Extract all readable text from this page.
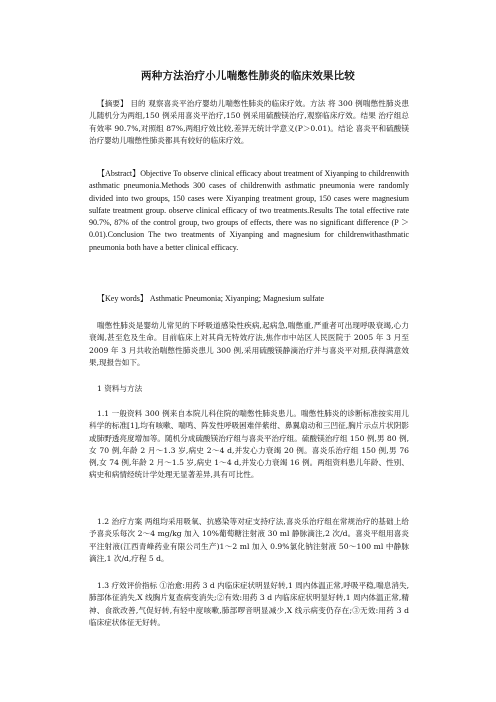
两种方法治疗小儿喘憋性肺炎的临床效果比较
【摘要】 目的 观察喜炎平治疗婴幼儿喘憋性肺炎的临床疗效。方法 将 300 例喘憋性肺炎患儿随机分为两组,150 例采用喜炎平治疗,150 例采用硫酸镁治疗,观察临床疗效。结果 治疗组总有效率 90.7%,对照组 87%,两组疗效比较,差异无统计学意义(P＞0.01)。结论 喜炎平和硫酸镁治疗婴幼儿喘憋性肺炎都具有较好的临床疗效。
【Abstract】Objective To observe clinical efficacy about treatment of Xiyanping to childrenwith asthmatic pneumonia.Methods 300 cases of childrenwith asthmatic pneumonia were randomly divided into two groups, 150 cases were Xiyanping treatment group, 150 cases were magnesium sulfate treatment group. observe clinical efficacy of two treatments.Results The total effective rate 90.7%, 87% of the control group, two groups of effects, there was no significant difference (P ＞ 0.01).Conclusion The two treatments of Xiyanping and magnesium for childrenwithasthmatic pneumonia both have a better clinical efficacy.
【Key words】 Asthmatic Pneumonia; Xiyanping; Magnesium sulfate
喘憋性肺炎是婴幼儿常见的下呼吸道感染性疾病,起病急,喘憋重,严重者可出现呼吸衰竭,心力衰竭,甚至危及生命。目前临床上对其尚无特效疗法,焦作市中站区人民医院于 2005 年 3 月至 2009 年 3 月共收治喘憋性肺炎患儿 300 例,采用硫酸镁静滴治疗并与喜炎平对照,获得满意效果,现报告如下。
1 资料与方法
1.1 一般资料 300 例来自本院儿科住院的喘憋性肺炎患儿。喘憋性肺炎的诊断标准按实用儿科学的标准[1],均有咳嗽、喘鸣、阵发性呼吸困难伴紫绀、鼻翼扇动和三凹征,胸片示点片状阴影或肺野透亮度增加等。随机分成硫酸镁治疗组与喜炎平治疗组。硫酸镁治疗组 150 例,男 80 例,女 70 例,年龄 2 月～1.3 岁,病史 2～4 d,并发心力衰竭 20 例。喜炎乐治疗组 150 例,男 76 例,女 74 例,年龄 2 月～1.5 岁,病史 1～4 d,并发心力衰竭 16 例。两组资料患儿年龄、性别、病史和病情经统计学处理无显著差异,具有可比性。
1.2 治疗方案 两组均采用吸氧、抗感染等对症支持疗法,喜炎乐治疗组在常规治疗的基础上给予喜炎乐每次 2～4 mg/kg 加入 10%葡萄糖注射液 30 ml 静脉滴注,2 次/d。喜炎平组用喜炎平注射液(江西青峰药业有限公司生产)1～2 ml 加入 0.9%氯化钠注射液 50～100 ml 中静脉滴注,1 次/d,疗程 5 d。
1.3 疗效评价指标 ①治愈:用药 3 d 内临床症状明显好转,1 周内体温正常,呼吸平稳,喘息消失,肺部体征消失,X 线胸片复查病变消失;②有效:用药 3 d 内临床症状明显好转,1 周内体温正常,精神、食欲改善,气促好转,有轻中度咳嗽,肺部啰音明显减少,X 线示病变仍存在;③无效:用药 3 d 临床症状体征无好转。
